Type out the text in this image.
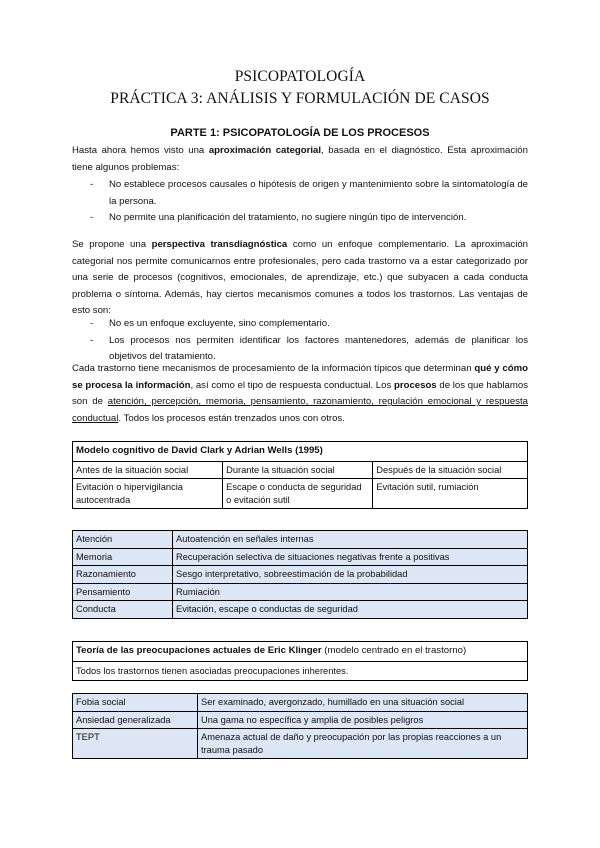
PSICOPATOLOGÍA
PRÁCTICA 3: ANÁLISIS Y FORMULACIÓN DE CASOS
PARTE 1: PSICOPATOLOGÍA DE LOS PROCESOS
Hasta ahora hemos visto una aproximación categorial, basada en el diagnóstico. Esta aproximación tiene algunos problemas:
- No establece procesos causales o hipótesis de origen y mantenimiento sobre la sintomatología de la persona.
- No permite una planificación del tratamiento, no sugiere ningún tipo de intervención.
Se propone una perspectiva transdiagnóstica como un enfoque complementario. La aproximación categorial nos permite comunicarnos entre profesionales, pero cada trastorno va a estar categorizado por una serie de procesos (cognitivos, emocionales, de aprendizaje, etc.) que subyacen a cada conducta problema o síntoma. Además, hay ciertos mecanismos comunes a todos los trastornos. Las ventajas de esto son:
- No es un enfoque excluyente, sino complementario.
- Los procesos nos permiten identificar los factores mantenedores, además de planificar los objetivos del tratamiento.
Cada trastorno tiene mecanismos de procesamiento de la información típicos que determinan qué y cómo se procesa la información, así como el tipo de respuesta conductual. Los procesos de los que hablamos son de atención, percepción, memoria, pensamiento, razonamiento, regulación emocional y respuesta conductual. Todos los procesos están trenzados unos con otros.
Modelo cognitivo de David Clark y Adrian Wells (1995)		
Antes de la situación social	Durante la situación social	Después de la situación social
Evitación o hipervigilancia autocentrada	Escape o conducta de seguridad o evitación sutil	Evitación sutil, rumiación
Atención	Autoatención en señales internas
Memoria	Recuperación selectiva de situaciones negativas frente a positivas
Razonamiento	Sesgo interpretativo, sobreestimación de la probabilidad
Pensamiento	Rumiación
Conducta	Evitación, escape o conductas de seguridad
Teoría de las preocupaciones actuales de Eric Klinger (modelo centrado en el trastorno)
Todos los trastornos tienen asociadas preocupaciones inherentes.
Fobia social	Ser examinado, avergonzado, humillado en una situación social
Ansiedad generalizada	Una gama no específica y amplia de posibles peligros
TEPT	Amenaza actual de daño y preocupación por las propias reacciones a un trauma pasado
